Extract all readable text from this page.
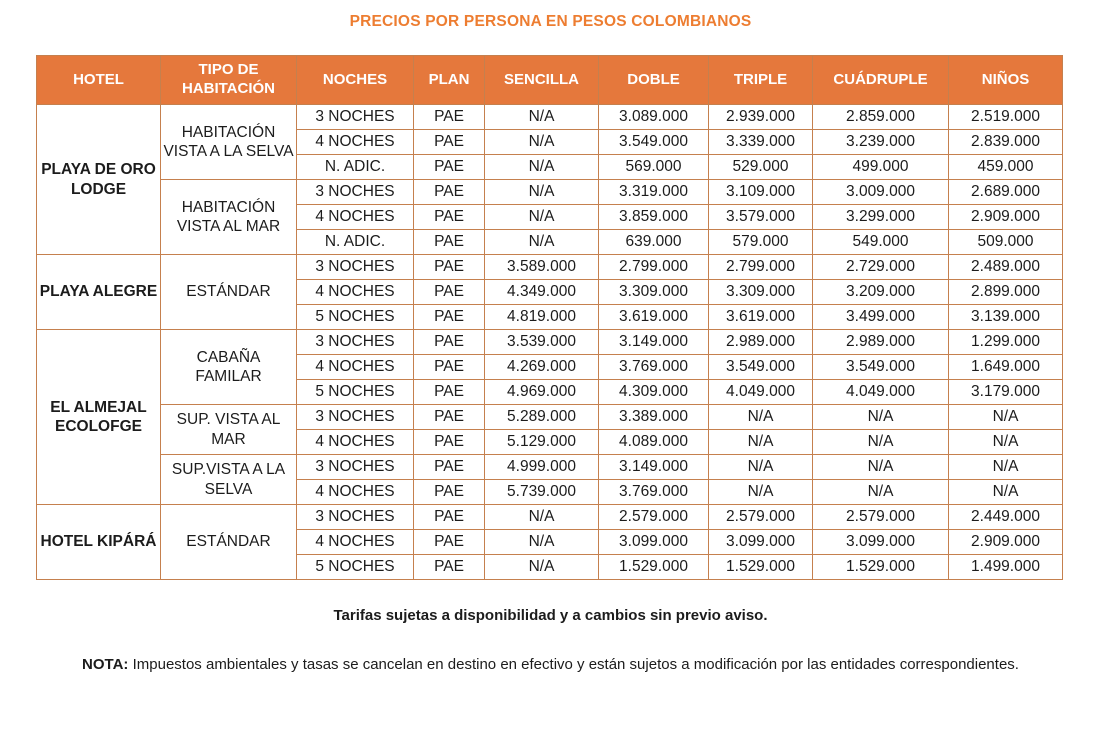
PRECIOS POR PERSONA EN PESOS COLOMBIANOS
HOTEL	TIPO DE HABITACIÓN	NOCHES	PLAN	SENCILLA	DOBLE	TRIPLE	CUÁDRUPLE	NIÑOS
PLAYA DE ORO LODGE	HABITACIÓN VISTA A LA SELVA	3 NOCHES	PAE	N/A	3.089.000	2.939.000	2.859.000	2.519.000
		4 NOCHES	PAE	N/A	3.549.000	3.339.000	3.239.000	2.839.000
		N. ADIC.	PAE	N/A	569.000	529.000	499.000	459.000
	HABITACIÓN VISTA AL MAR	3 NOCHES	PAE	N/A	3.319.000	3.109.000	3.009.000	2.689.000
		4 NOCHES	PAE	N/A	3.859.000	3.579.000	3.299.000	2.909.000
		N. ADIC.	PAE	N/A	639.000	579.000	549.000	509.000
PLAYA ALEGRE	ESTÁNDAR	3 NOCHES	PAE	3.589.000	2.799.000	2.799.000	2.729.000	2.489.000
		4 NOCHES	PAE	4.349.000	3.309.000	3.309.000	3.209.000	2.899.000
		5 NOCHES	PAE	4.819.000	3.619.000	3.619.000	3.499.000	3.139.000
EL ALMEJAL ECOLOFGE	CABAÑA FAMILAR	3 NOCHES	PAE	3.539.000	3.149.000	2.989.000	2.989.000	1.299.000
		4 NOCHES	PAE	4.269.000	3.769.000	3.549.000	3.549.000	1.649.000
		5 NOCHES	PAE	4.969.000	4.309.000	4.049.000	4.049.000	3.179.000
	SUP. VISTA AL MAR	3 NOCHES	PAE	5.289.000	3.389.000	N/A	N/A	N/A
		4 NOCHES	PAE	5.129.000	4.089.000	N/A	N/A	N/A
	SUP.VISTA A LA SELVA	3 NOCHES	PAE	4.999.000	3.149.000	N/A	N/A	N/A
		4 NOCHES	PAE	5.739.000	3.769.000	N/A	N/A	N/A
HOTEL KIPÁRÁ	ESTÁNDAR	3 NOCHES	PAE	N/A	2.579.000	2.579.000	2.579.000	2.449.000
		4 NOCHES	PAE	N/A	3.099.000	3.099.000	3.099.000	2.909.000
		5 NOCHES	PAE	N/A	1.529.000	1.529.000	1.529.000	1.499.000

Tarifas sujetas a disponibilidad y a cambios sin previo aviso.

NOTA: Impuestos ambientales y tasas se cancelan en destino en efectivo y están sujetos a modificación por las entidades correspondientes.
